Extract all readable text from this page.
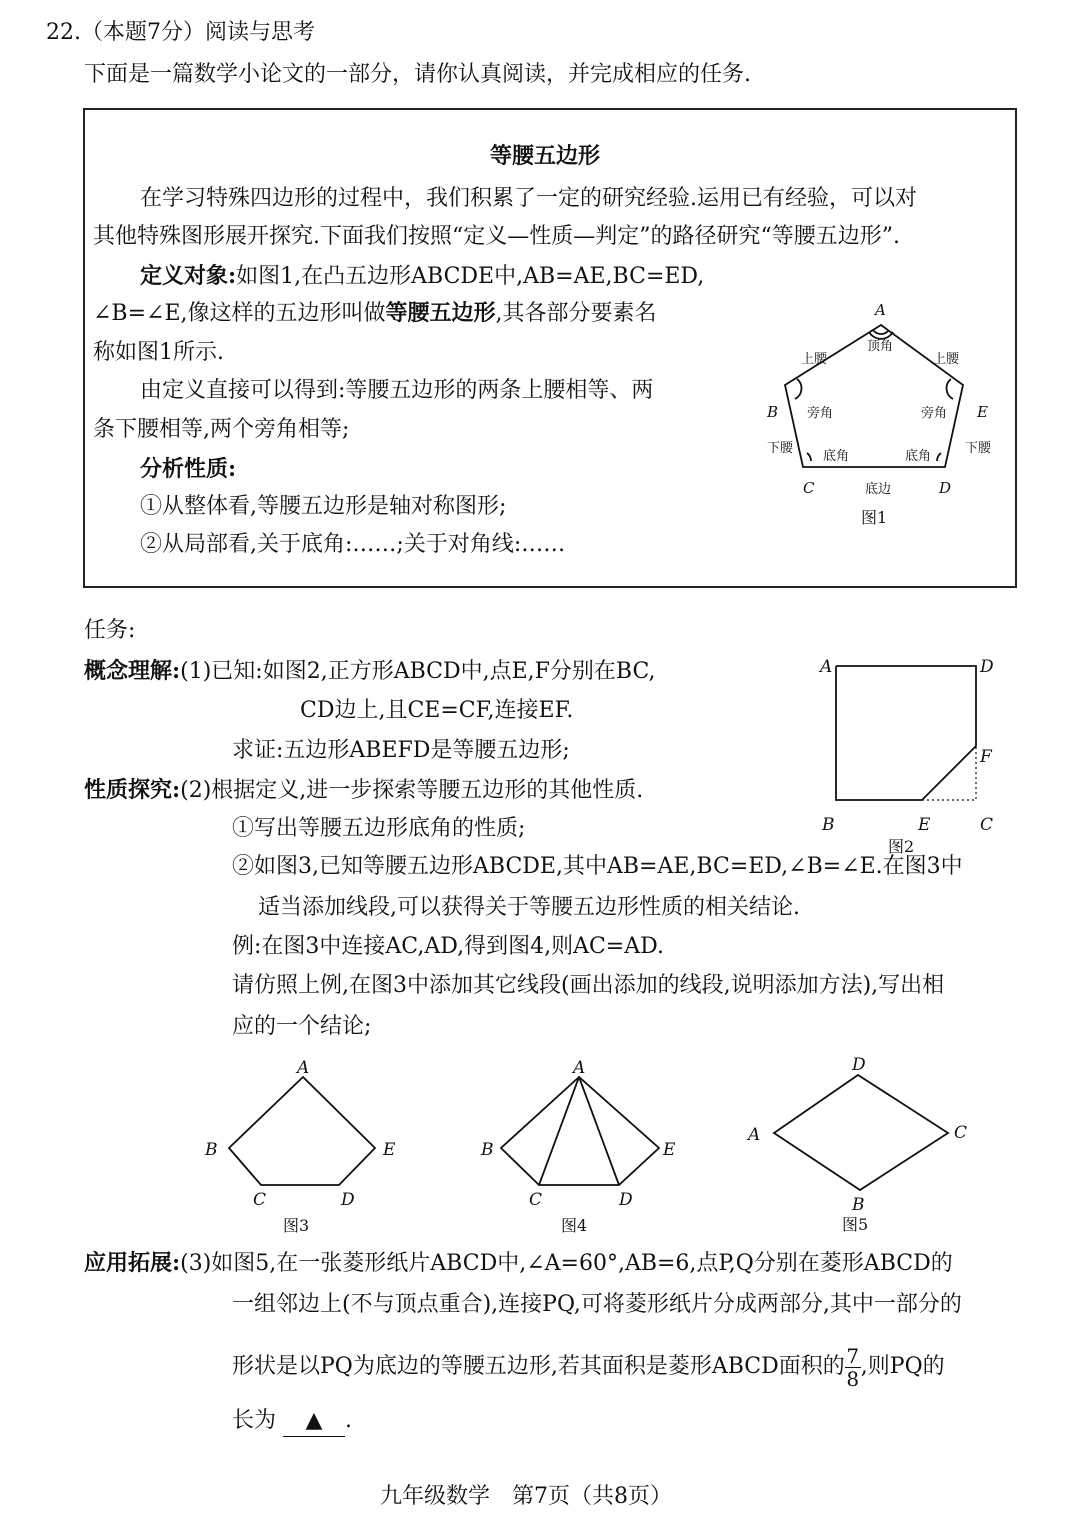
22.（本题7分）阅读与思考
下面是一篇数学小论文的一部分，请你认真阅读，并完成相应的任务.
等腰五边形
在学习特殊四边形的过程中，我们积累了一定的研究经验.运用已有经验，可以对
其他特殊图形展开探究.下面我们按照“定义—性质—判定”的路径研究“等腰五边形”.
定义对象:如图1,在凸五边形ABCDE中,AB=AE,BC=ED,
∠B=∠E,像这样的五边形叫做等腰五边形,其各部分要素名
称如图1所示.
由定义直接可以得到:等腰五边形的两条上腰相等、两
条下腰相等,两个旁角相等;
分析性质:
①从整体看,等腰五边形是轴对称图形;
②从局部看,关于底角:……;关于对角线:……
A
B
C	D
E
顶角
上腰	上腰
旁角	旁角
下腰	下腰
底角	底角
底边
图1
任务:
概念理解:(1)已知:如图2,正方形ABCD中,点E,F分别在BC,
CD边上,且CE=CF,连接EF.
求证:五边形ABEFD是等腰五边形;
A
B	C
D
E
F
图2
性质探究:(2)根据定义,进一步探索等腰五边形的其他性质.
①写出等腰五边形底角的性质;
②如图3,已知等腰五边形ABCDE,其中AB=AE,BC=ED,∠B=∠E.在图3中
适当添加线段,可以获得关于等腰五边形性质的相关结论.
例:在图3中连接AC,AD,得到图4,则AC=AD.
请仿照上例,在图3中添加其它线段(画出添加的线段,说明添加方法),写出相
应的一个结论;
A
B
C	D
E
图3
A
B
C	D
E
图4
A
B
C
D
图5
应用拓展:(3)如图5,在一张菱形纸片ABCD中,∠A=60°,AB=6,点P,Q分别在菱形ABCD的
一组邻边上(不与顶点重合),连接PQ,可将菱形纸片分成两部分,其中一部分的
形状是以PQ为底边的等腰五边形,若其面积是菱形ABCD面积的 $\frac{7}{8}$ ,则PQ的
长为 ▲ .
九年级数学　第7页（共8页）
